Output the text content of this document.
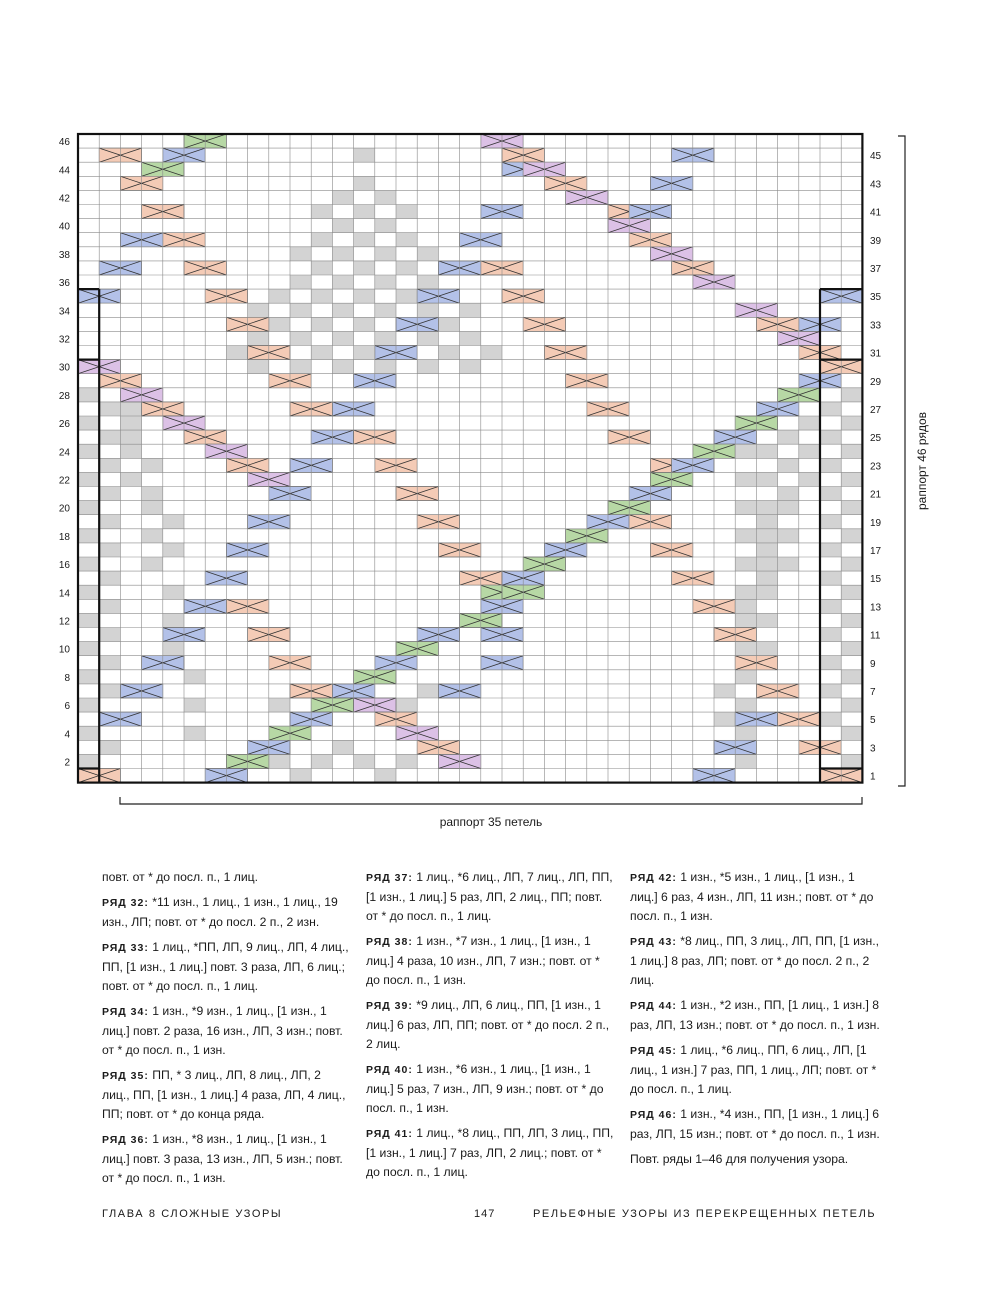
46
44
42
40
38
36
34
32
30
28
26
24
22
20
18
16
14
12
10
8
6
4
2
45
43
41
39
37
35
33
31
29
27
25
23
21
19
17
15
13
11
9
7
5
3
1
раппорт 46 рядов
раппорт 35 петель

повт. от * до посл. п., 1 лиц.

РЯД 32: *11 изн., 1 лиц., 1 изн., 1 лиц., 19 изн., ЛП; повт. от * до посл. 2 п., 2 изн.

РЯД 33: 1 лиц., *ПП, ЛП, 9 лиц., ЛП, 4 лиц., ПП, [1 изн., 1 лиц.] повт. 3 раза, ЛП, 6 лиц.; повт. от * до посл. п., 1 лиц.

РЯД 34: 1 изн., *9 изн., 1 лиц., [1 изн., 1 лиц.] повт. 2 раза, 16 изн., ЛП, 3 изн.; повт. от * до посл. п., 1 изн.

РЯД 35: ПП, * 3 лиц., ЛП, 8 лиц., ЛП, 2 лиц., ПП, [1 изн., 1 лиц.] 4 раза, ЛП, 4 лиц., ПП; повт. от * до конца ряда.

РЯД 36: 1 изн., *8 изн., 1 лиц., [1 изн., 1 лиц.] повт. 3 раза, 13 изн., ЛП, 5 изн.; повт. от * до посл. п., 1 изн.

РЯД 37: 1 лиц., *6 лиц., ЛП, 7 лиц., ЛП, ПП, [1 изн., 1 лиц.] 5 раз, ЛП, 2 лиц., ПП; повт. от * до посл. п., 1 лиц.

РЯД 38: 1 изн., *7 изн., 1 лиц., [1 изн., 1 лиц.] 4 раза, 10 изн., ЛП, 7 изн.; повт. от * до посл. п., 1 изн.

РЯД 39: *9 лиц., ЛП, 6 лиц., ПП, [1 изн., 1 лиц.] 6 раз, ЛП, ПП; повт. от * до посл. 2 п., 2 лиц.

РЯД 40: 1 изн., *6 изн., 1 лиц., [1 изн., 1 лиц.] 5 раз, 7 изн., ЛП, 9 изн.; повт. от * до посл. п., 1 изн.

РЯД 41: 1 лиц., *8 лиц., ПП, ЛП, 3 лиц., ПП, [1 изн., 1 лиц.] 7 раз, ЛП, 2 лиц.; повт. от * до посл. п., 1 лиц.

РЯД 42: 1 изн., *5 изн., 1 лиц., [1 изн., 1 лиц.] 6 раз, 4 изн., ЛП, 11 изн.; повт. от * до посл. п., 1 изн.

РЯД 43: *8 лиц., ПП, 3 лиц., ЛП, ПП, [1 изн., 1 лиц.] 8 раз, ЛП; повт. от * до посл. 2 п., 2 лиц.

РЯД 44: 1 изн., *2 изн., ПП, [1 лиц., 1 изн.] 8 раз, ЛП, 13 изн.; повт. от * до посл. п., 1 изн.

РЯД 45: 1 лиц., *6 лиц., ПП, 6 лиц., ЛП, [1 лиц., 1 изн.] 7 раз, ПП, 1 лиц., ЛП; повт. от * до посл. п., 1 лиц.

РЯД 46: 1 изн., *4 изн., ПП, [1 изн., 1 лиц.] 6 раз, ЛП, 15 изн.; повт. от * до посл. п., 1 изн.

Повт. ряды 1–46 для получения узора.

ГЛАВА 8 СЛОЖНЫЕ УЗОРЫ	147	РЕЛЬЕФНЫЕ УЗОРЫ ИЗ ПЕРЕКРЕЩЕННЫХ ПЕТЕЛЬ
